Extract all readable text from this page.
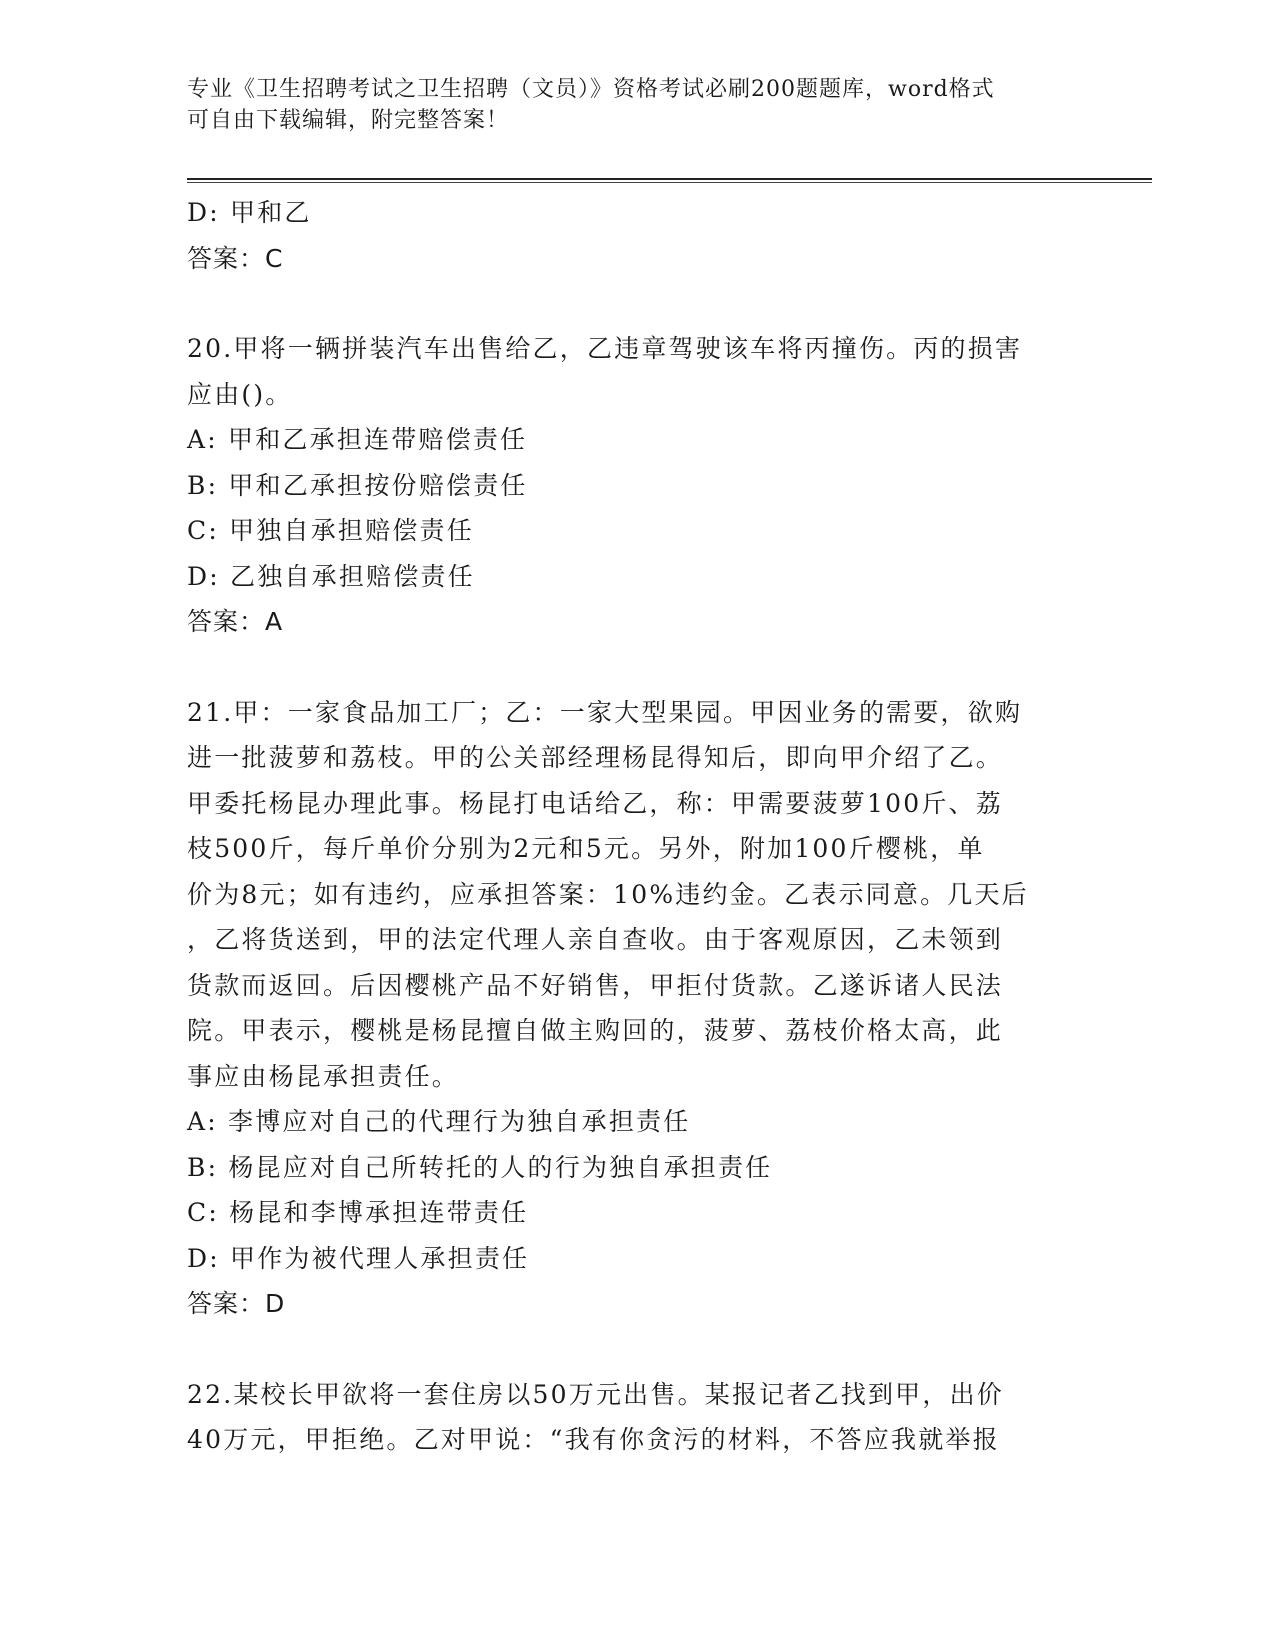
专业《卫生招聘考试之卫生招聘（文员）》资格考试必刷200题题库，word格式
可自由下载编辑，附完整答案！

D: 甲和乙

答案：C

20.甲将一辆拼装汽车出售给乙，乙违章驾驶该车将丙撞伤。丙的损害

应由()。

A: 甲和乙承担连带赔偿责任

B: 甲和乙承担按份赔偿责任

C: 甲独自承担赔偿责任

D: 乙独自承担赔偿责任

答案：A

21.甲：一家食品加工厂；乙：一家大型果园。甲因业务的需要，欲购

进一批菠萝和荔枝。甲的公关部经理杨昆得知后，即向甲介绍了乙。

甲委托杨昆办理此事。杨昆打电话给乙，称：甲需要菠萝100斤、荔

枝500斤，每斤单价分别为2元和5元。另外，附加100斤樱桃，单

价为8元；如有违约，应承担答案：10%违约金。乙表示同意。几天后

，乙将货送到，甲的法定代理人亲自查收。由于客观原因，乙未领到

货款而返回。后因樱桃产品不好销售，甲拒付货款。乙遂诉诸人民法

院。甲表示，樱桃是杨昆擅自做主购回的，菠萝、荔枝价格太高，此

事应由杨昆承担责任。

A: 李博应对自己的代理行为独自承担责任

B: 杨昆应对自己所转托的人的行为独自承担责任

C: 杨昆和李博承担连带责任

D: 甲作为被代理人承担责任

答案：D

22.某校长甲欲将一套住房以50万元出售。某报记者乙找到甲，出价

40万元，甲拒绝。乙对甲说：“我有你贪污的材料，不答应我就举报
